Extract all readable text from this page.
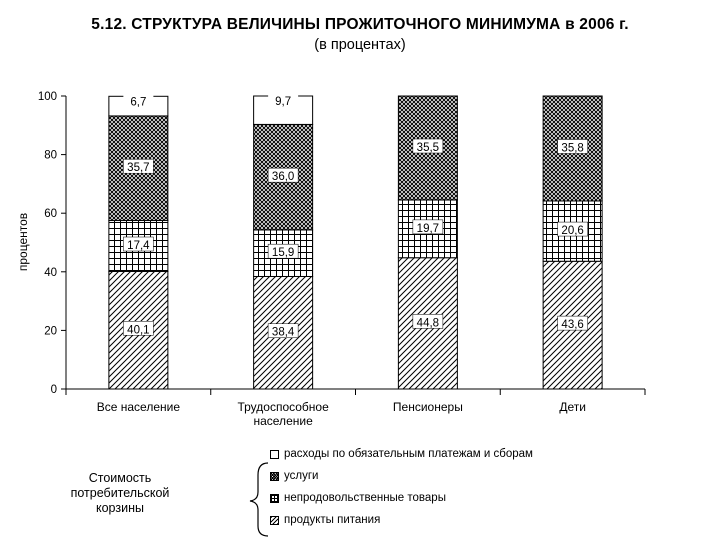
5.12. СТРУКТУРА ВЕЛИЧИНЫ ПРОЖИТОЧНОГО МИНИМУМА в 2006 г.
(в процентах)
0
20
40
60
80
100
процентов
40,1
17,4
35,7
6,7
38,4
15,9
36,0
9,7
44,8
19,7
35,5
43,6
20,6
35,8
Все население	Трудоспособное
население
Пенсионеры	Дети
расходы по обязательным платежам и сборам
услуги
непродовольственные товары
продукты питания
Стоимость
потребительской
корзины
